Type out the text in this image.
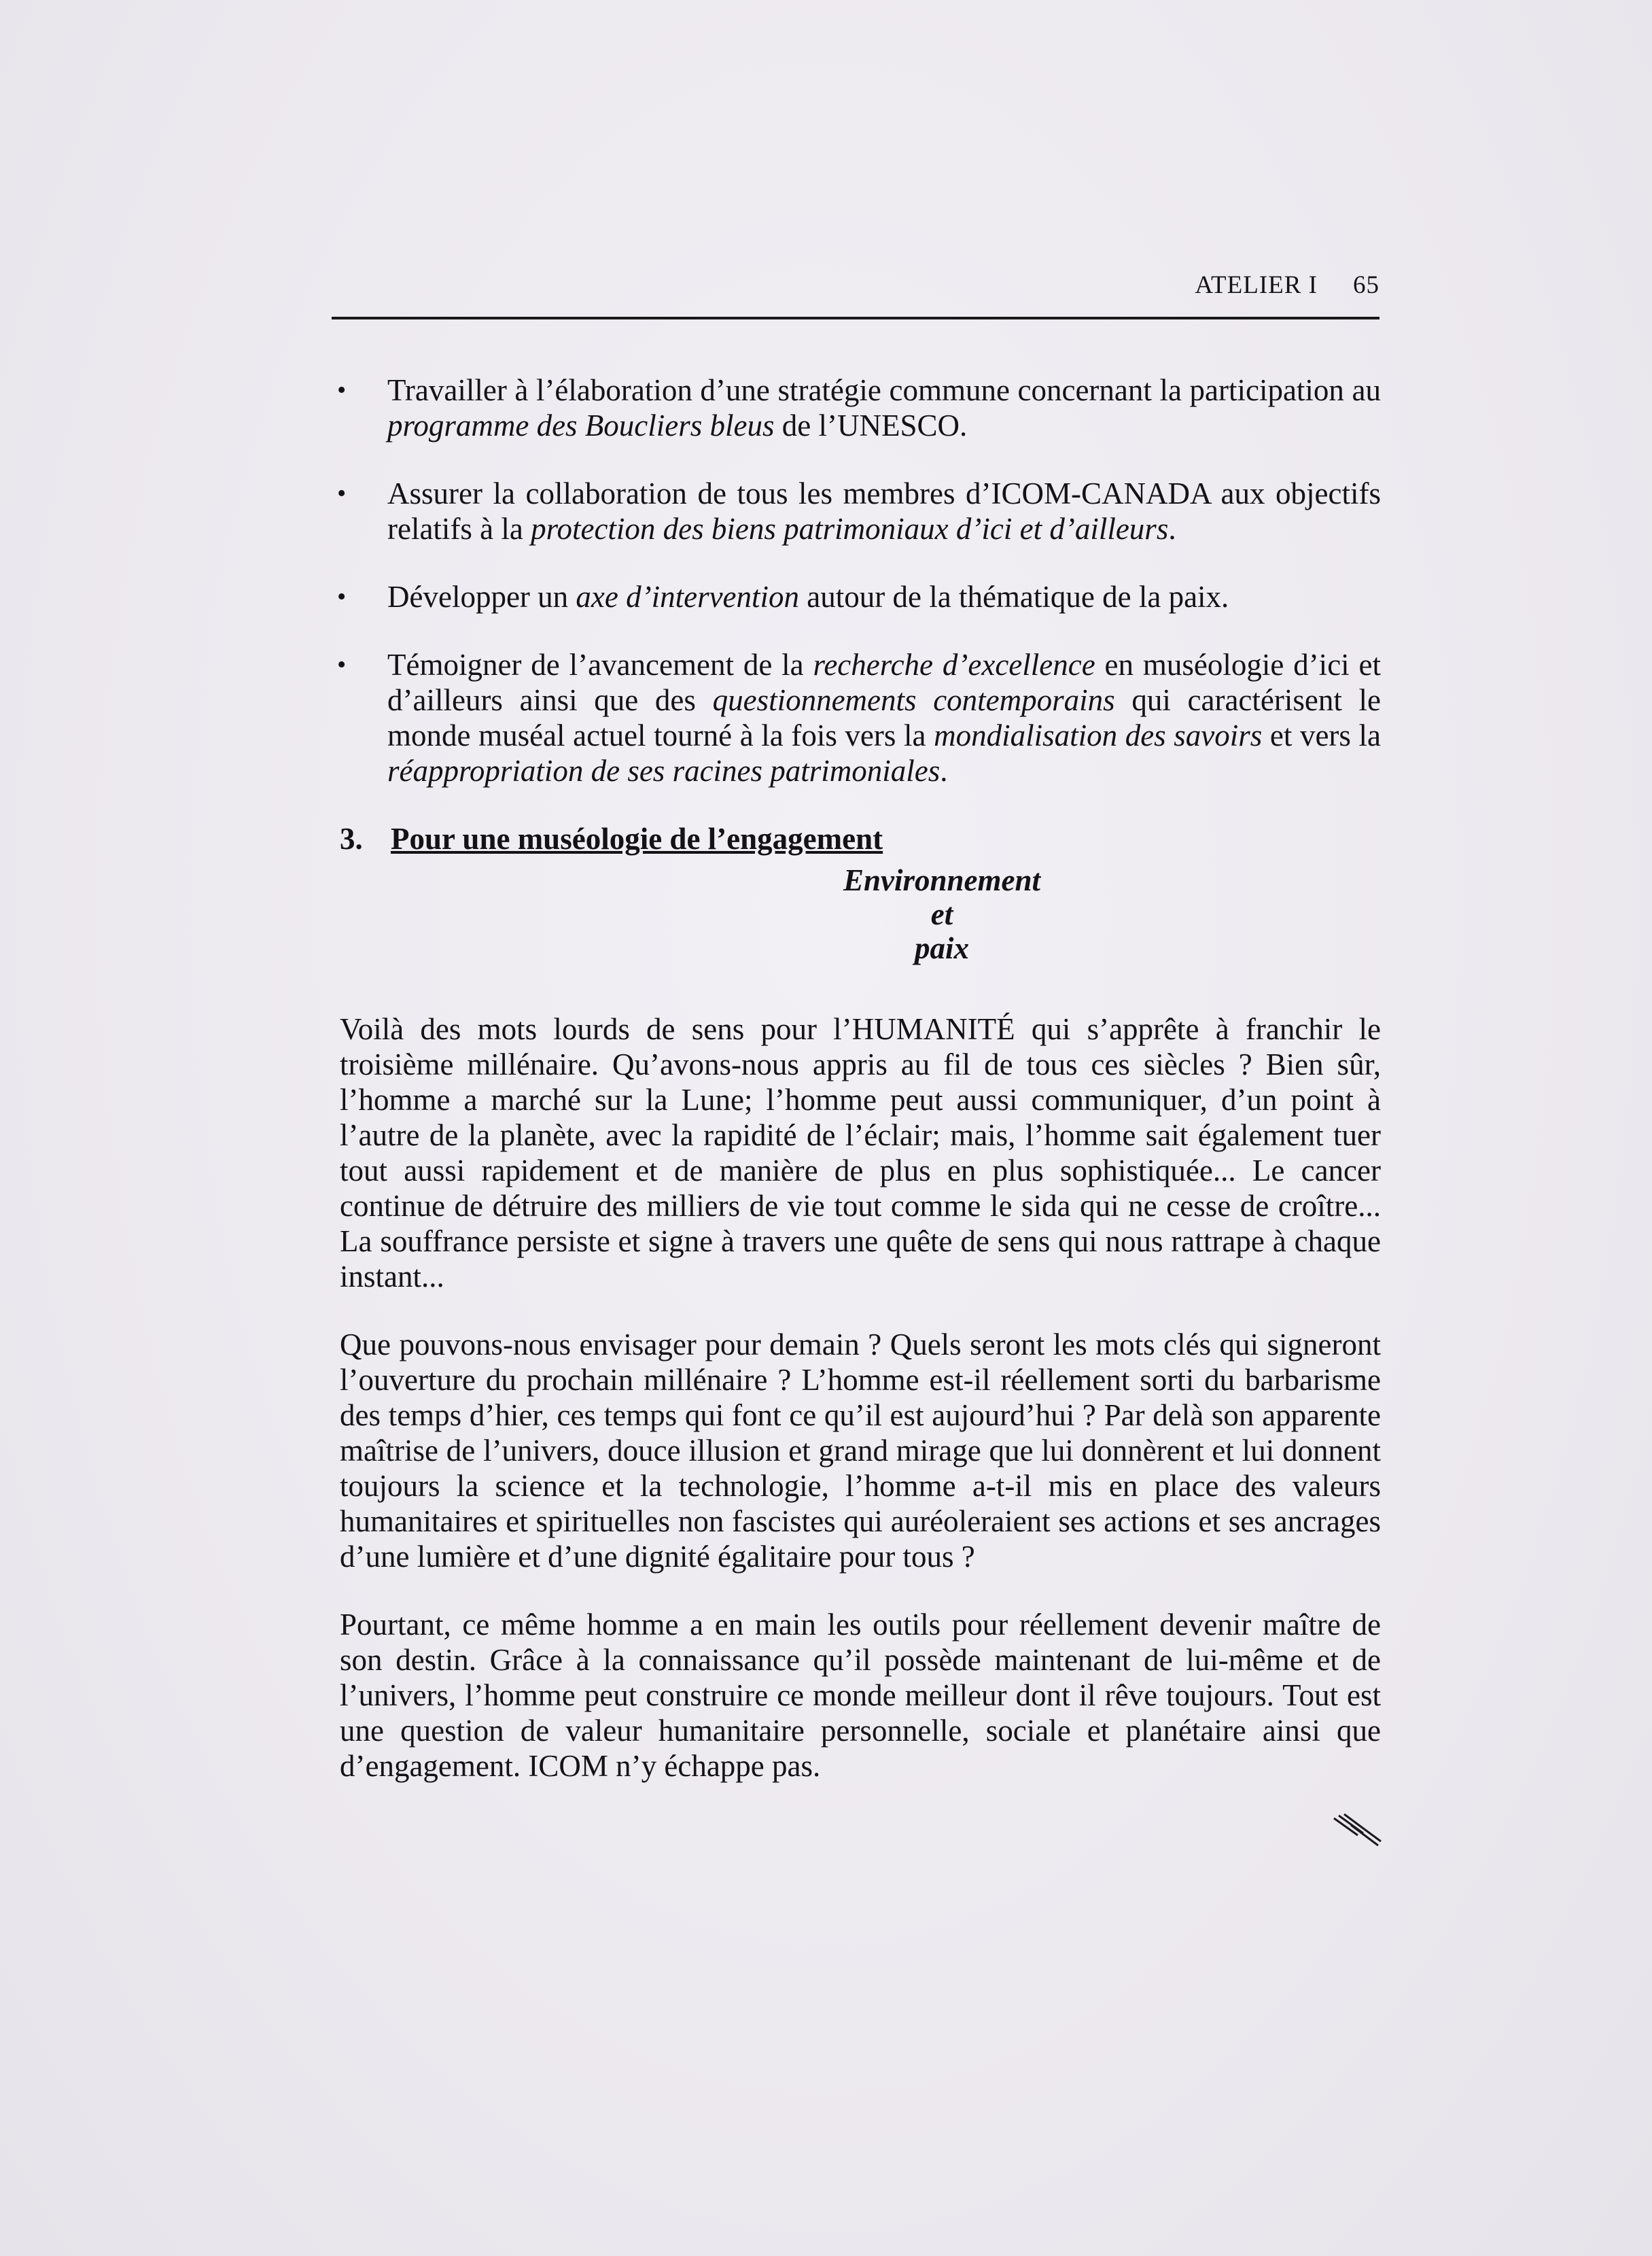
ATELIER I 65
• Travailler à l’élaboration d’une stratégie commune concernant la participation au programme des Boucliers bleus de l’UNESCO.
• Assurer la collaboration de tous les membres d’ICOM-CANADA aux objectifs relatifs à la protection des biens patrimoniaux d’ici et d’ailleurs.
• Développer un axe d’intervention autour de la thématique de la paix.
• Témoigner de l’avancement de la recherche d’excellence en muséologie d’ici et d’ailleurs ainsi que des questionnements contemporains qui caractérisent le monde muséal actuel tourné à la fois vers la mondialisation des savoirs et vers la réappropriation de ses racines patrimoniales.
3. Pour une muséologie de l’engagement
Environnement
et
paix

Voilà des mots lourds de sens pour l’HUMANITÉ qui s’apprête à franchir le troisième millénaire. Qu’avons-nous appris au fil de tous ces siècles ? Bien sûr, l’homme a marché sur la Lune; l’homme peut aussi communiquer, d’un point à l’autre de la planète, avec la rapidité de l’éclair; mais, l’homme sait également tuer tout aussi rapidement et de manière de plus en plus sophistiquée... Le cancer continue de détruire des milliers de vie tout comme le sida qui ne cesse de croître... La souffrance persiste et signe à travers une quête de sens qui nous rattrape à chaque instant...

Que pouvons-nous envisager pour demain ? Quels seront les mots clés qui signeront l’ouverture du prochain millénaire ? L’homme est-il réellement sorti du barbarisme des temps d’hier, ces temps qui font ce qu’il est aujourd’hui ? Par delà son apparente maîtrise de l’univers, douce illusion et grand mirage que lui donnèrent et lui donnent toujours la science et la technologie, l’homme a-t-il mis en place des valeurs humanitaires et spirituelles non fascistes qui auréoleraient ses actions et ses ancrages d’une lumière et d’une dignité égalitaire pour tous ?

Pourtant, ce même homme a en main les outils pour réellement devenir maître de son destin. Grâce à la connaissance qu’il possède maintenant de lui-même et de l’univers, l’homme peut construire ce monde meilleur dont il rêve toujours. Tout est une question de valeur humanitaire personnelle, sociale et planétaire ainsi que d’engagement. ICOM n’y échappe pas.
